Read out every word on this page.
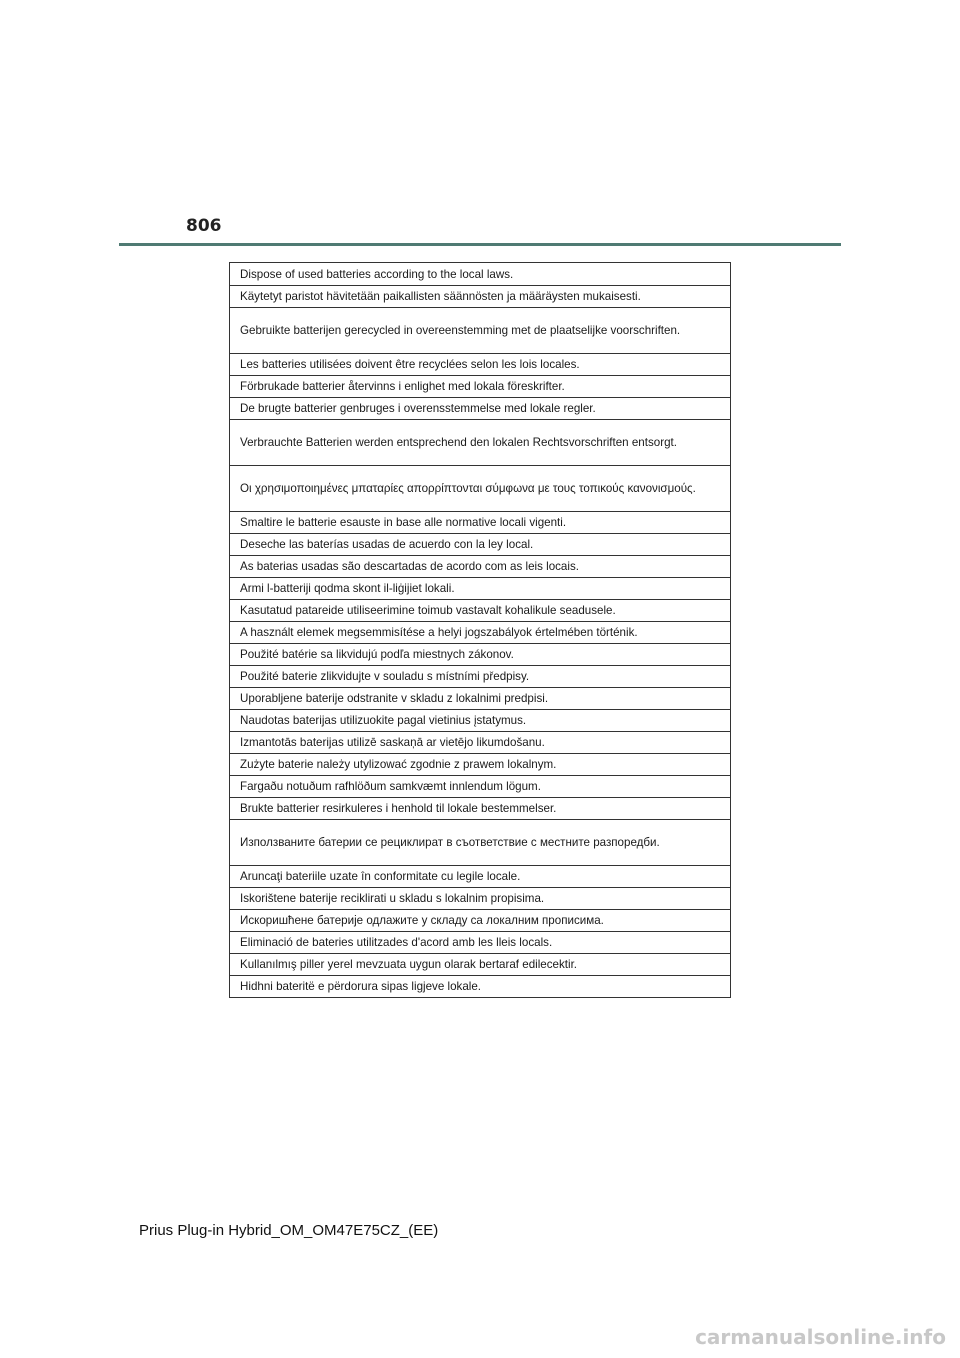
806
Dispose of used batteries according to the local laws.
Käytetyt paristot hävitetään paikallisten säännösten ja määräysten mukaisesti.
Gebruikte batterijen gerecycled in overeenstemming met de plaatselijke voorschriften.
Les batteries utilisées doivent être recyclées selon les lois locales.
Förbrukade batterier återvinns i enlighet med lokala föreskrifter.
De brugte batterier genbruges i overensstemmelse med lokale regler.
Verbrauchte Batterien werden entsprechend den lokalen Rechtsvorschriften entsorgt.
Οι χρησιμοποιημένες μπαταρίες απορρίπτονται σύμφωνα με τους τοπικούς κανονισμούς.
Smaltire le batterie esauste in base alle normative locali vigenti.
Deseche las baterías usadas de acuerdo con la ley local.
As baterias usadas são descartadas de acordo com as leis locais.
Armi l-batteriji qodma skont il-liġijiet lokali.
Kasutatud patareide utiliseerimine toimub vastavalt kohalikule seadusele.
A használt elemek megsemmisítése a helyi jogszabályok értelmében történik.
Použité batérie sa likvidujú podľa miestnych zákonov.
Použité baterie zlikvidujte v souladu s místními předpisy.
Uporabljene baterije odstranite v skladu z lokalnimi predpisi.
Naudotas baterijas utilizuokite pagal vietinius įstatymus.
Izmantotās baterijas utilizē saskaņā ar vietējo likumdošanu.
Zużyte baterie należy utylizować zgodnie z prawem lokalnym.
Fargaðu notuðum rafhlöðum samkvæmt innlendum lögum.
Brukte batterier resirkuleres i henhold til lokale bestemmelser.
Използваните батерии се рециклират в съответствие с местните разпоредби.
Aruncaţi bateriile uzate în conformitate cu legile locale.
Iskorištene baterije reciklirati u skladu s lokalnim propisima.
Искоришћене батерије одлажите у складу са локалним прописима.
Eliminació de bateries utilitzades d'acord amb les lleis locals.
Kullanılmış piller yerel mevzuata uygun olarak bertaraf edilecektir.
Hidhni bateritë e përdorura sipas ligjeve lokale.
Prius Plug-in Hybrid_OM_OM47E75CZ_(EE)
carmanualsonline.info
